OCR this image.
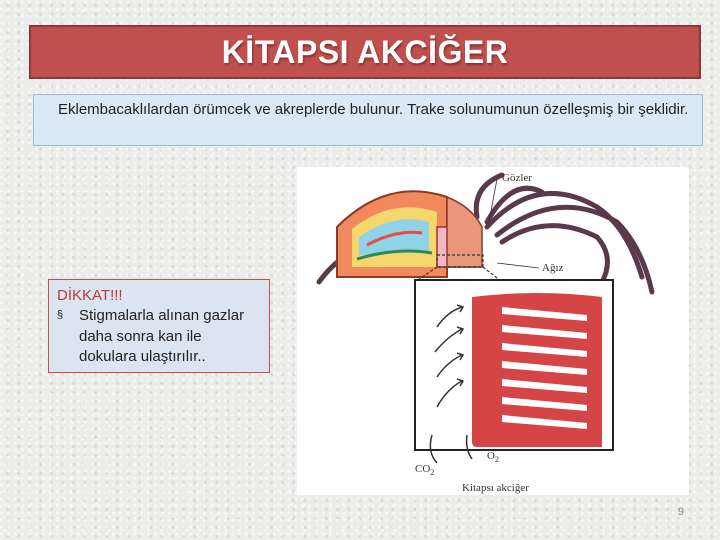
KİTAPSI AKCİĞER
Eklembacaklılardan örümcek ve akreplerde bulunur. Trake solunumunun özelleşmiş bir şeklidir.
Gözler
Ağız
$CO_2$
$O_2$
Kitapsı akciğer
DİKKAT!!!
§	Stigmalarla alınan gazlar daha sonra kan ile dokulara ulaştırılır..
9
